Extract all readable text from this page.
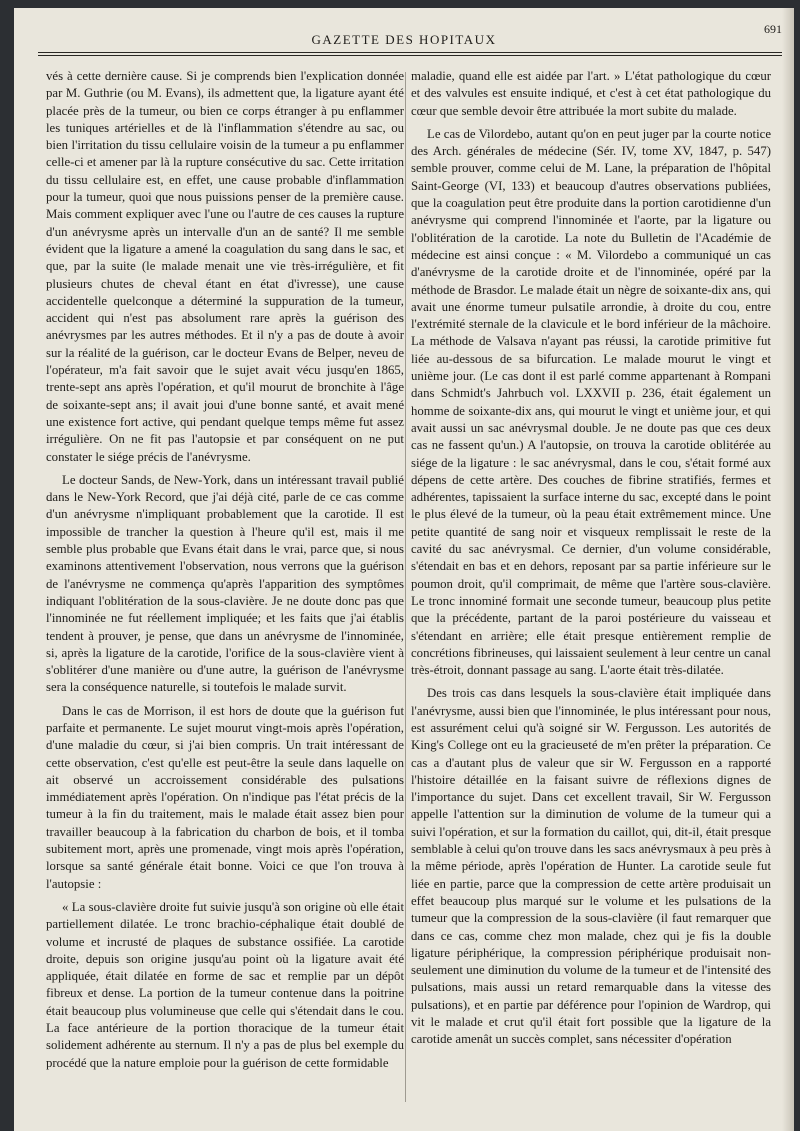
GAZETTE DES HOPITAUX
691

vés à cette dernière cause. Si je comprends bien l'explication donnée par M. Guthrie (ou M. Evans), ils admettent que, la ligature ayant été placée près de la tumeur, ou bien ce corps étranger à pu enflammer les tuniques artérielles et de là l'inflammation s'étendre au sac, ou bien l'irritation du tissu cellulaire voisin de la tumeur a pu enflammer celle-ci et amener par là la rupture consécutive du sac. Cette irritation du tissu cellulaire est, en effet, une cause probable d'inflammation pour la tumeur, quoi que nous puissions penser de la première cause. Mais comment expliquer avec l'une ou l'autre de ces causes la rupture d'un anévrysme après un intervalle d'un an de santé? Il me semble évident que la ligature a amené la coagulation du sang dans le sac, et que, par la suite (le malade menait une vie très-irrégulière, et fit plusieurs chutes de cheval étant en état d'ivresse), une cause accidentelle quelconque a déterminé la suppuration de la tumeur, accident qui n'est pas absolument rare après la guérison des anévrysmes par les autres méthodes. Et il n'y a pas de doute à avoir sur la réalité de la guérison, car le docteur Evans de Belper, neveu de l'opérateur, m'a fait savoir que le sujet avait vécu jusqu'en 1865, trente-sept ans après l'opération, et qu'il mourut de bronchite à l'âge de soixante-sept ans; il avait joui d'une bonne santé, et avait mené une existence fort active, qui pendant quelque temps même fut assez irrégulière. On ne fit pas l'autopsie et par conséquent on ne put constater le siége précis de l'anévrysme.

Le docteur Sands, de New-York, dans un intéressant travail publié dans le New-York Record, que j'ai déjà cité, parle de ce cas comme d'un anévrysme n'impliquant probablement que la carotide. Il est impossible de trancher la question à l'heure qu'il est, mais il me semble plus probable que Evans était dans le vrai, parce que, si nous examinons attentivement l'observation, nous verrons que la guérison de l'anévrysme ne commença qu'après l'apparition des symptômes indiquant l'oblitération de la sous-clavière. Je ne doute donc pas que l'innominée ne fut réellement impliquée; et les faits que j'ai établis tendent à prouver, je pense, que dans un anévrysme de l'innominée, si, après la ligature de la carotide, l'orifice de la sous-clavière vient à s'oblitérer d'une manière ou d'une autre, la guérison de l'anévrysme sera la conséquence naturelle, si toutefois le malade survit.

Dans le cas de Morrison, il est hors de doute que la guérison fut parfaite et permanente. Le sujet mourut vingt-mois après l'opération, d'une maladie du cœur, si j'ai bien compris. Un trait intéressant de cette observation, c'est qu'elle est peut-être la seule dans laquelle on ait observé un accroissement considérable des pulsations immédiatement après l'opération. On n'indique pas l'état précis de la tumeur à la fin du traitement, mais le malade était assez bien pour travailler beaucoup à la fabrication du charbon de bois, et il tomba subitement mort, après une promenade, vingt mois après l'opération, lorsque sa santé générale était bonne. Voici ce que l'on trouva à l'autopsie :

« La sous-clavière droite fut suivie jusqu'à son origine où elle était partiellement dilatée. Le tronc brachio-céphalique était doublé de volume et incrusté de plaques de substance ossifiée. La carotide droite, depuis son origine jusqu'au point où la ligature avait été appliquée, était dilatée en forme de sac et remplie par un dépôt fibreux et dense. La portion de la tumeur contenue dans la poitrine était beaucoup plus volumineuse que celle qui s'étendait dans le cou. La face antérieure de la portion thoracique de la tumeur était solidement adhérente au sternum. Il n'y a pas de plus bel exemple du procédé que la nature emploie pour la guérison de cette formidable

maladie, quand elle est aidée par l'art. » L'état pathologique du cœur et des valvules est ensuite indiqué, et c'est à cet état pathologique du cœur que semble devoir être attribuée la mort subite du malade.

Le cas de Vilordebo, autant qu'on en peut juger par la courte notice des Arch. générales de médecine (Sér. IV, tome XV, 1847, p. 547) semble prouver, comme celui de M. Lane, la préparation de l'hôpital Saint-George (VI, 133) et beaucoup d'autres observations publiées, que la coagulation peut être produite dans la portion carotidienne d'un anévrysme qui comprend l'innominée et l'aorte, par la ligature ou l'oblitération de la carotide. La note du Bulletin de l'Académie de médecine est ainsi conçue : « M. Vilordebo a communiqué un cas d'anévrysme de la carotide droite et de l'innominée, opéré par la méthode de Brasdor. Le malade était un nègre de soixante-dix ans, qui avait une énorme tumeur pulsatile arrondie, à droite du cou, entre l'extrémité sternale de la clavicule et le bord inférieur de la mâchoire. La méthode de Valsava n'ayant pas réussi, la carotide primitive fut liée au-dessous de sa bifurcation. Le malade mourut le vingt et unième jour. (Le cas dont il est parlé comme appartenant à Rompani dans Schmidt's Jahrbuch vol. LXXVII p. 236, était également un homme de soixante-dix ans, qui mourut le vingt et unième jour, et qui avait aussi un sac anévrysmal double. Je ne doute pas que ces deux cas ne fassent qu'un.) A l'autopsie, on trouva la carotide oblitérée au siége de la ligature : le sac anévrysmal, dans le cou, s'était formé aux dépens de cette artère. Des couches de fibrine stratifiés, fermes et adhérentes, tapissaient la surface interne du sac, excepté dans le point le plus élevé de la tumeur, où la peau était extrêmement mince. Une petite quantité de sang noir et visqueux remplissait le reste de la cavité du sac anévrysmal. Ce dernier, d'un volume considérable, s'étendait en bas et en dehors, reposant par sa partie inférieure sur le poumon droit, qu'il comprimait, de même que l'artère sous-clavière. Le tronc innominé formait une seconde tumeur, beaucoup plus petite que la précédente, partant de la paroi postérieure du vaisseau et s'étendant en arrière; elle était presque entièrement remplie de concrétions fibrineuses, qui laissaient seulement à leur centre un canal très-étroit, donnant passage au sang. L'aorte était très-dilatée.

Des trois cas dans lesquels la sous-clavière était impliquée dans l'anévrysme, aussi bien que l'innominée, le plus intéressant pour nous, est assurément celui qu'à soigné sir W. Fergusson. Les autorités de King's College ont eu la gracieuseté de m'en prêter la préparation. Ce cas a d'autant plus de valeur que sir W. Fergusson en a rapporté l'histoire détaillée en la faisant suivre de réflexions dignes de l'importance du sujet. Dans cet excellent travail, Sir W. Fergusson appelle l'attention sur la diminution de volume de la tumeur qui a suivi l'opération, et sur la formation du caillot, qui, dit-il, était presque semblable à celui qu'on trouve dans les sacs anévrysmaux à peu près à la même période, après l'opération de Hunter. La carotide seule fut liée en partie, parce que la compression de cette artère produisait un effet beaucoup plus marqué sur le volume et les pulsations de la tumeur que la compression de la sous-clavière (il faut remarquer que dans ce cas, comme chez mon malade, chez qui je fis la double ligature périphérique, la compression périphérique produisait non-seulement une diminution du volume de la tumeur et de l'intensité des pulsations, mais aussi un retard remarquable dans la vitesse des pulsations), et en partie par déférence pour l'opinion de Wardrop, qui vit le malade et crut qu'il était fort possible que la ligature de la carotide amenât un succès complet, sans nécessiter d'opération
